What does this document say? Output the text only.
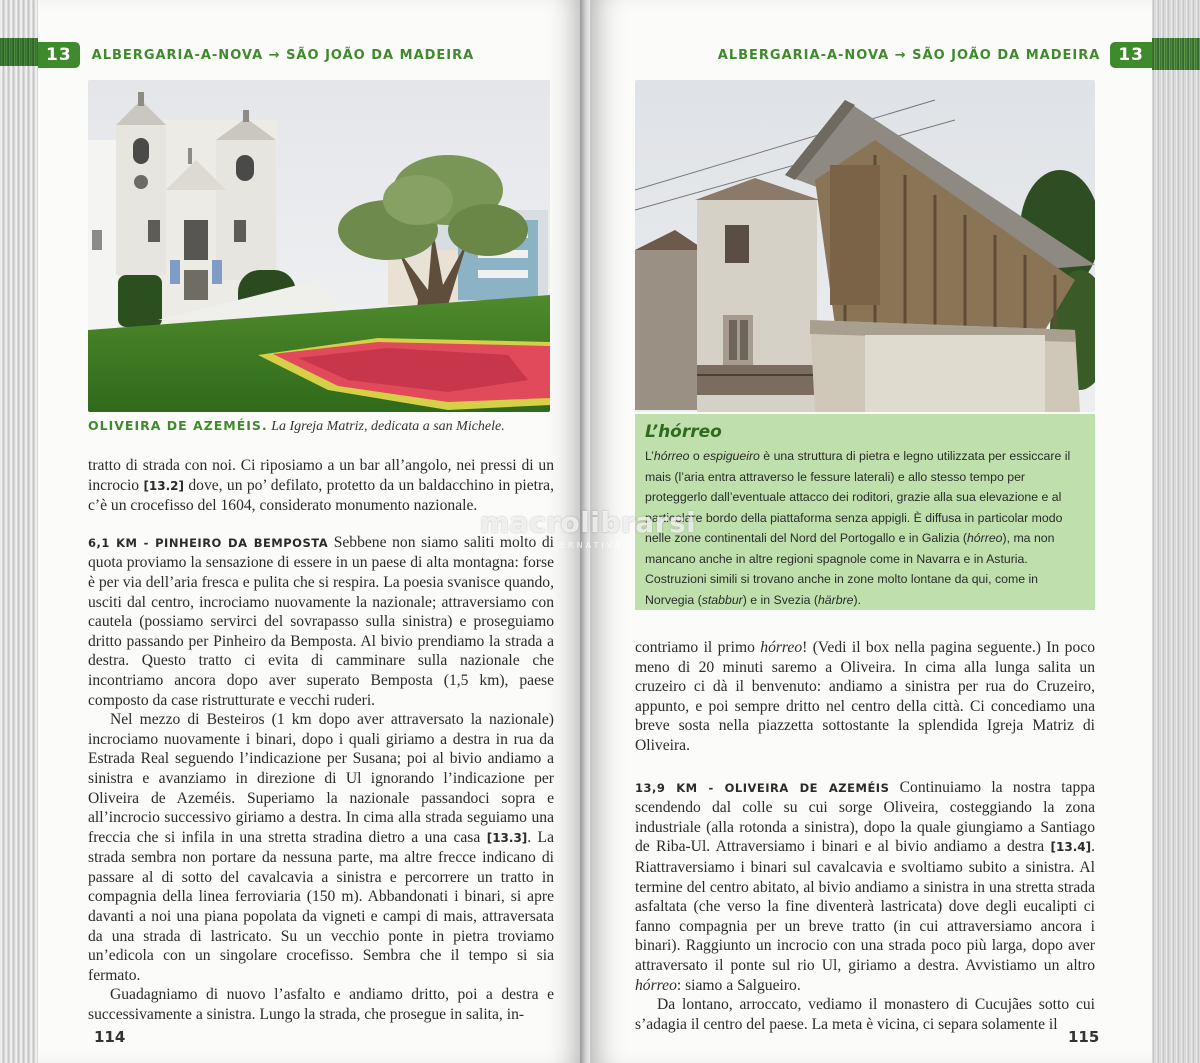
13	ALBERGARIA-A-NOVA → SÃO JOÃO DA MADEIRA
OLIVEIRA DE AZEMÉIS. La Igreja Matriz, dedicata a san Michele.

tratto di strada con noi. Ci riposiamo a un bar all’angolo, nei pressi di un incrocio [13.2] dove, un po’ defilato, protetto da un baldacchino in pietra, c’è un crocefisso del 1604, considerato monumento nazionale.

6,1 KM - PINHEIRO DA BEMPOSTA Sebbene non siamo saliti molto di quota proviamo la sensazione di essere in un paese di alta montagna: forse è per via dell’aria fresca e pulita che si respira. La poesia svanisce quando, usciti dal centro, incrociamo nuovamente la nazionale; attraversiamo con cautela (possiamo servirci del sovrapasso sulla sinistra) e proseguiamo dritto passando per Pinheiro da Bemposta. Al bivio prendiamo la strada a destra. Questo tratto ci evita di camminare sulla nazionale che incontriamo ancora dopo aver superato Bemposta (1,5 km), paese composto da case ristrutturate e vecchi ruderi.

Nel mezzo di Besteiros (1 km dopo aver attraversato la nazionale) incrociamo nuovamente i binari, dopo i quali giriamo a destra in rua da Estrada Real seguendo l’indicazione per Susana; poi al bivio andiamo a sinistra e avanziamo in direzione di Ul ignorando l’indicazione per Oliveira de Azeméis. Superiamo la nazionale passandoci sopra e all’incrocio successivo giriamo a destra. In cima alla strada seguiamo una freccia che si infila in una stretta stradina dietro a una casa [13.3]. La strada sembra non portare da nessuna parte, ma altre frecce indicano di passare al di sotto del cavalcavia a sinistra e percorrere un tratto in compagnia della linea ferroviaria (150 m). Abbandonati i binari, si apre davanti a noi una piana popolata da vigneti e campi di mais, attraversata da una strada di lastricato. Su un vecchio ponte in pietra troviamo un’edicola con un singolare crocefisso. Sembra che il tempo si sia fermato.

Guadagniamo di nuovo l’asfalto e andiamo dritto, poi a destra e successivamente a sinistra. Lungo la strada, che prosegue in salita, in-

114
ALBERGARIA-A-NOVA → SÃO JOÃO DA MADEIRA	13
L’hórreo
L’hórreo o espigueiro è una struttura di pietra e legno utilizzata per essiccare il mais (l’aria entra attraverso le fessure laterali) e allo stesso tempo per proteggerlo dall’eventuale attacco dei roditori, grazie alla sua elevazione e al particolare bordo della piattaforma senza appigli. È diffusa in particolar modo nelle zone continentali del Nord del Portogallo e in Galizia (hórreo), ma non mancano anche in altre regioni spagnole come in Navarra e in Asturia.
Costruzioni simili si trovano anche in zone molto lontane da qui, come in Norvegia (stabbur) e in Svezia (härbre).

contriamo il primo hórreo! (Vedi il box nella pagina seguente.) In poco meno di 20 minuti saremo a Oliveira. In cima alla lunga salita un cruzeiro ci dà il benvenuto: andiamo a sinistra per rua do Cruzeiro, appunto, e poi sempre dritto nel centro della città. Ci concediamo una breve sosta nella piazzetta sottostante la splendida Igreja Matriz di Oliveira.

13,9 KM - OLIVEIRA DE AZEMÉIS Continuiamo la nostra tappa scendendo dal colle su cui sorge Oliveira, costeggiando la zona industriale (alla rotonda a sinistra), dopo la quale giungiamo a Santiago de Riba-Ul. Attraversiamo i binari e al bivio andiamo a destra [13.4]. Riattraversiamo i binari sul cavalcavia e svoltiamo subito a sinistra. Al termine del centro abitato, al bivio andiamo a sinistra in una stretta strada asfaltata (che verso la fine diventerà lastricata) dove degli eucalipti ci fanno compagnia per un breve tratto (in cui attraversiamo ancora i binari). Raggiunto un incrocio con una strada poco più larga, dopo aver attraversato il ponte sul rio Ul, giriamo a destra. Avvistiamo un altro hórreo: siamo a Salgueiro.

Da lontano, arroccato, vediamo il monastero di Cucujães sotto cui s’adagia il centro del paese. La meta è vicina, ci separa solamente il

115
macrolibrarsi
ERNATIVA
